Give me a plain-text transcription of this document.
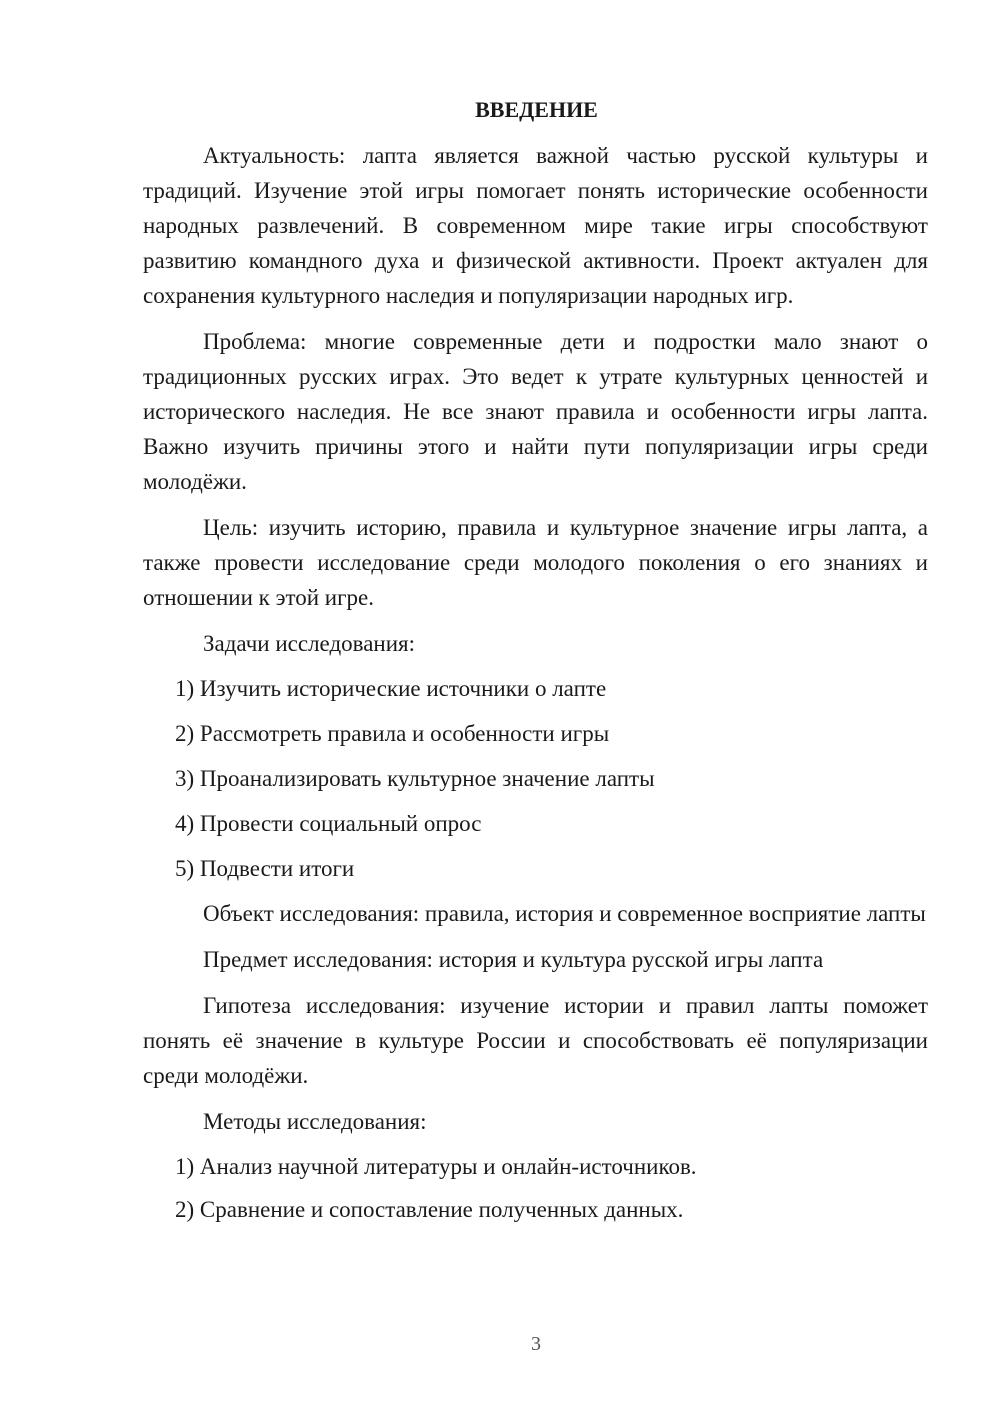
ВВЕДЕНИЕ

Актуальность: лапта является важной частью русской культуры и традиций. Изучение этой игры помогает понять исторические особенности народных развлечений. В современном мире такие игры способствуют развитию командного духа и физической активности. Проект актуален для сохранения культурного наследия и популяризации народных игр.

Проблема: многие современные дети и подростки мало знают о традиционных русских играх. Это ведет к утрате культурных ценностей и исторического наследия. Не все знают правила и особенности игры лапта. Важно изучить причины этого и найти пути популяризации игры среди молодёжи.

Цель: изучить историю, правила и культурное значение игры лапта, а также провести исследование среди молодого поколения о его знаниях и отношении к этой игре.

Задачи исследования:

1) Изучить исторические источники о лапте
2) Рассмотреть правила и особенности игры
3) Проанализировать культурное значение лапты
4) Провести социальный опрос
5) Подвести итоги

Объект исследования: правила, история и современное восприятие лапты

Предмет исследования: история и культура русской игры лапта

Гипотеза исследования: изучение истории и правил лапты поможет понять её значение в культуре России и способствовать её популяризации среди молодёжи.

Методы исследования:

1) Анализ научной литературы и онлайн-источников.
2) Сравнение и сопоставление полученных данных.
3
